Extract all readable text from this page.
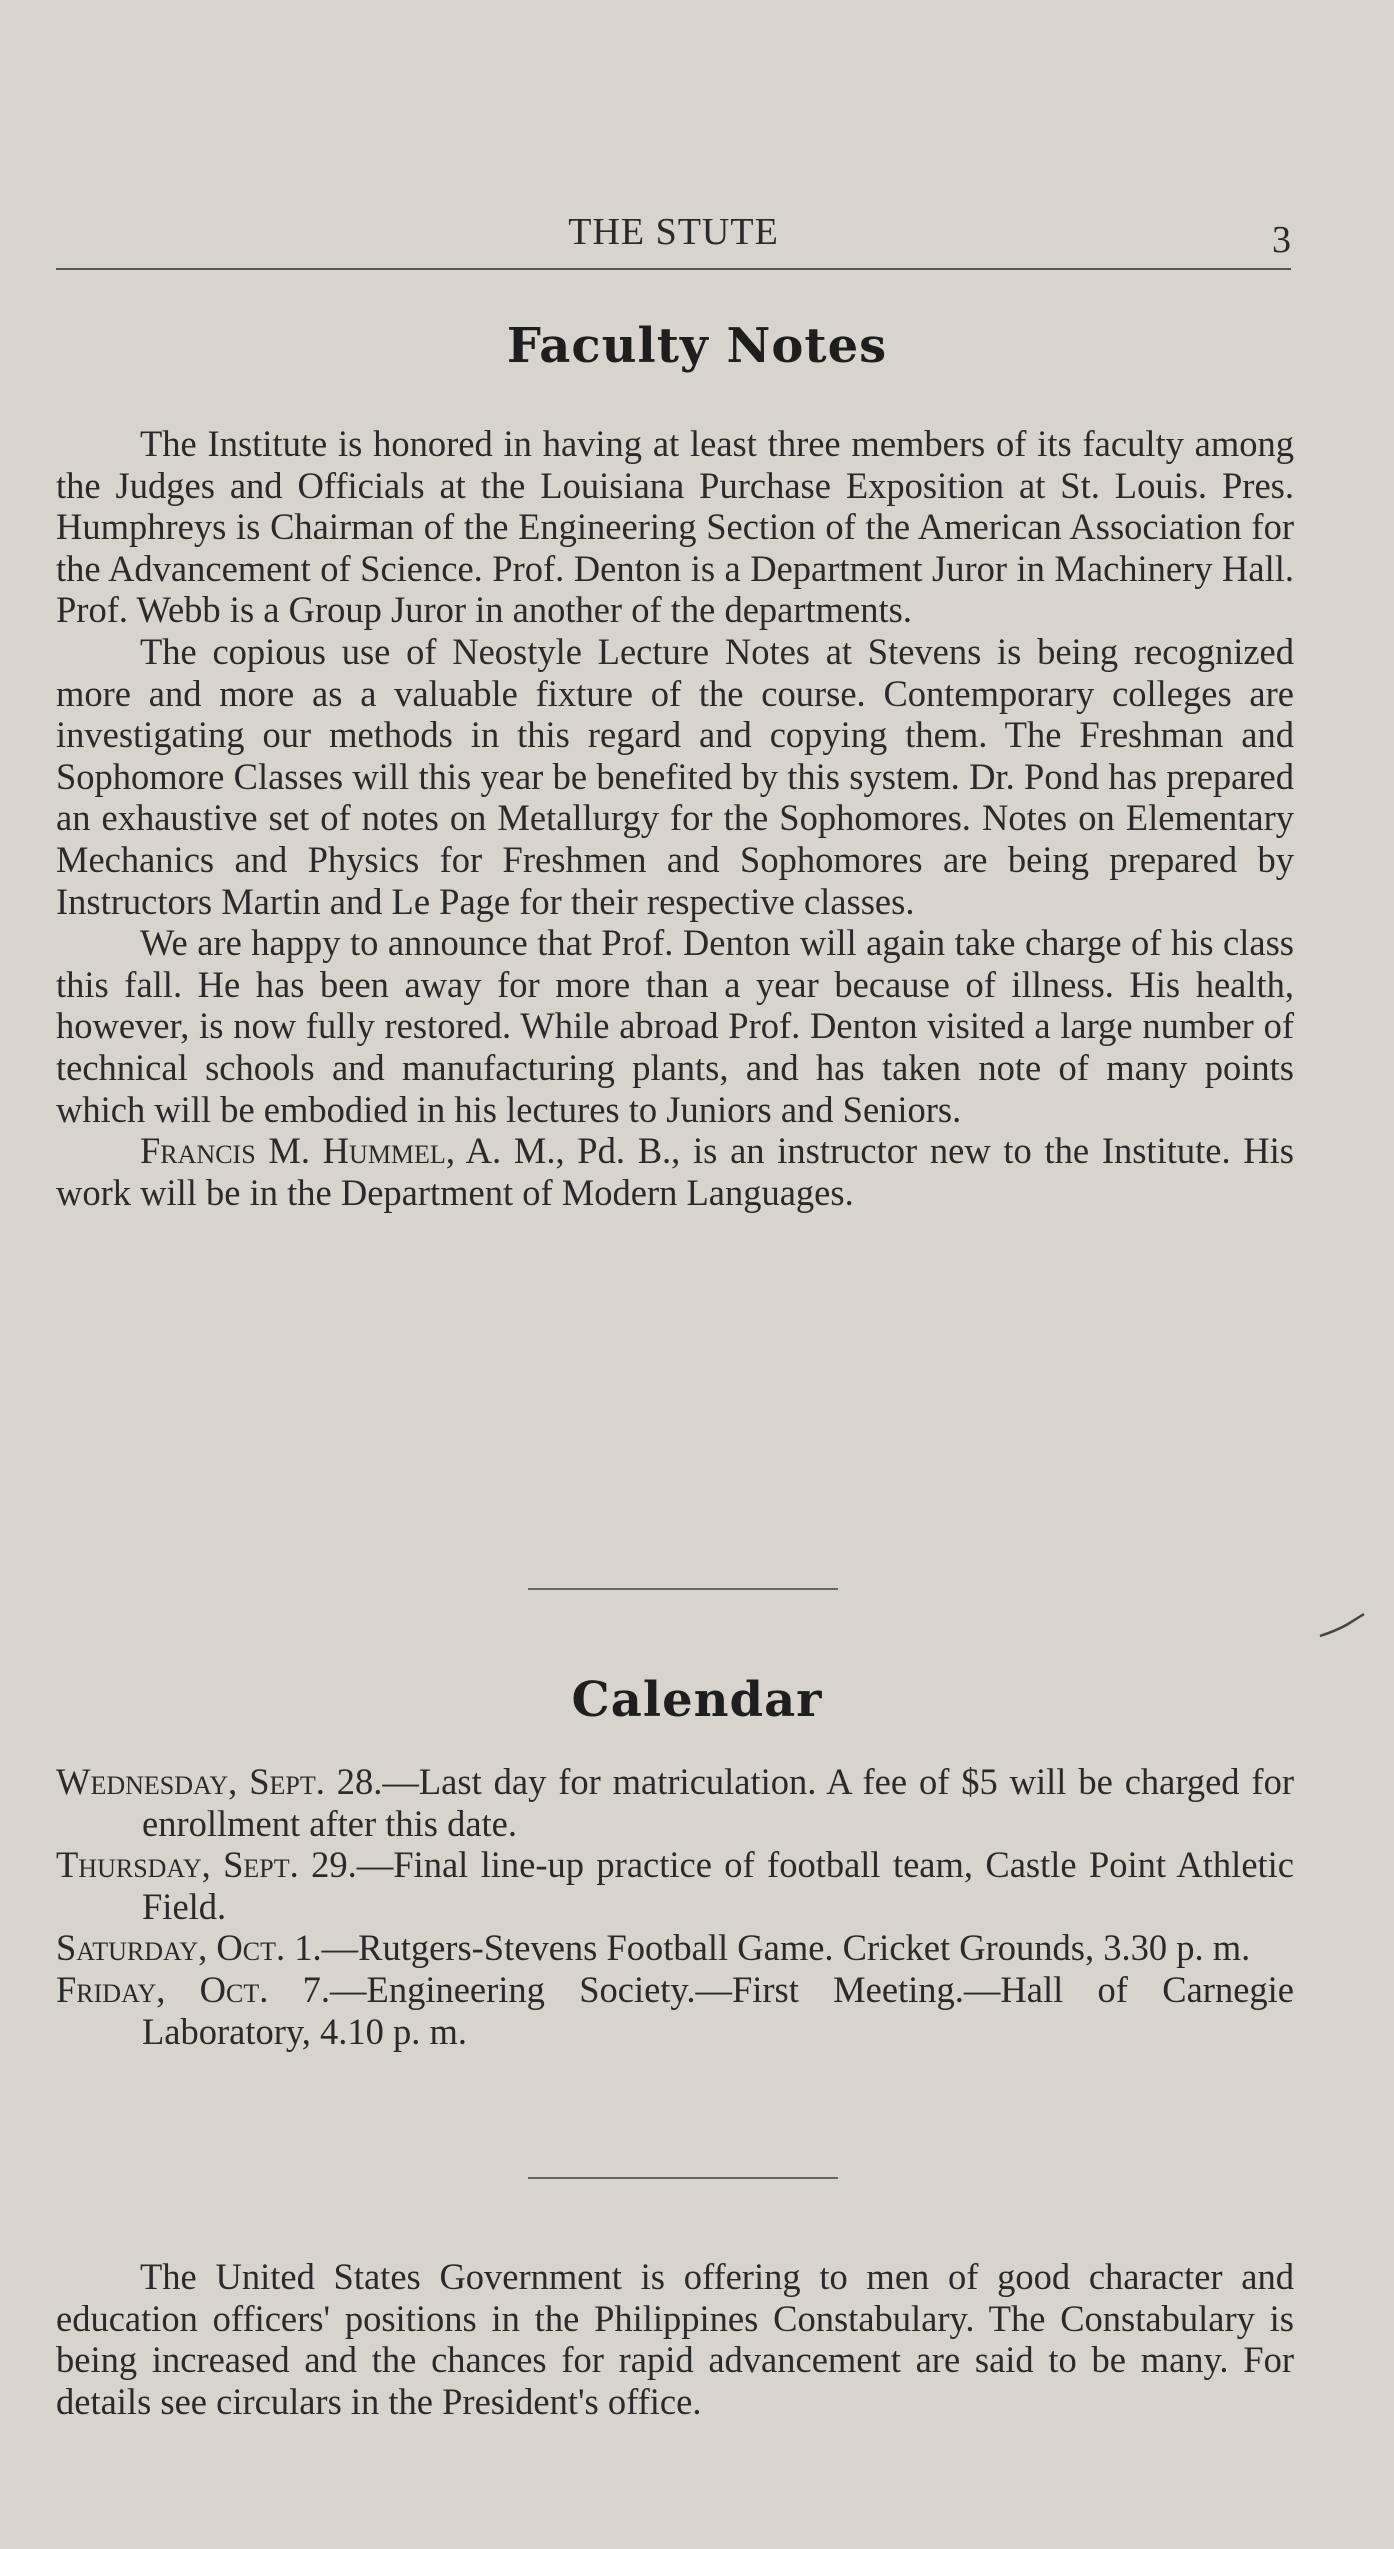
THE STUTE	3
Faculty Notes

The Institute is honored in having at least three members of its faculty among the Judges and Officials at the Louisiana Purchase Exposition at St. Louis. Pres. Humphreys is Chairman of the Engineering Section of the American Association for the Advancement of Science. Prof. Denton is a Department Juror in Machinery Hall. Prof. Webb is a Group Juror in another of the departments.

The copious use of Neostyle Lecture Notes at Stevens is being recognized more and more as a valuable fixture of the course. Contemporary colleges are investigating our methods in this regard and copying them. The Freshman and Sophomore Classes will this year be benefited by this system. Dr. Pond has prepared an exhaustive set of notes on Metallurgy for the Sophomores. Notes on Elementary Mechanics and Physics for Freshmen and Sophomores are being prepared by Instructors Martin and Le Page for their respective classes.

We are happy to announce that Prof. Denton will again take charge of his class this fall. He has been away for more than a year because of illness. His health, however, is now fully restored. While abroad Prof. Denton visited a large number of technical schools and manufacturing plants, and has taken note of many points which will be embodied in his lectures to Juniors and Seniors.

Francis M. Hummel, A. M., Pd. B., is an instructor new to the Institute. His work will be in the Department of Modern Languages.

Calendar

Wednesday, Sept. 28.—Last day for matriculation. A fee of $5 will be charged for enrollment after this date.

Thursday, Sept. 29.—Final line-up practice of football team, Castle Point Athletic Field.

Saturday, Oct. 1.—Rutgers-Stevens Football Game. Cricket Grounds, 3.30 p. m.

Friday, Oct. 7.—Engineering Society.—First Meeting.—Hall of Carnegie Laboratory, 4.10 p. m.

The United States Government is offering to men of good character and education officers' positions in the Philippines Constabulary. The Constabulary is being increased and the chances for rapid advancement are said to be many. For details see circulars in the President's office.
